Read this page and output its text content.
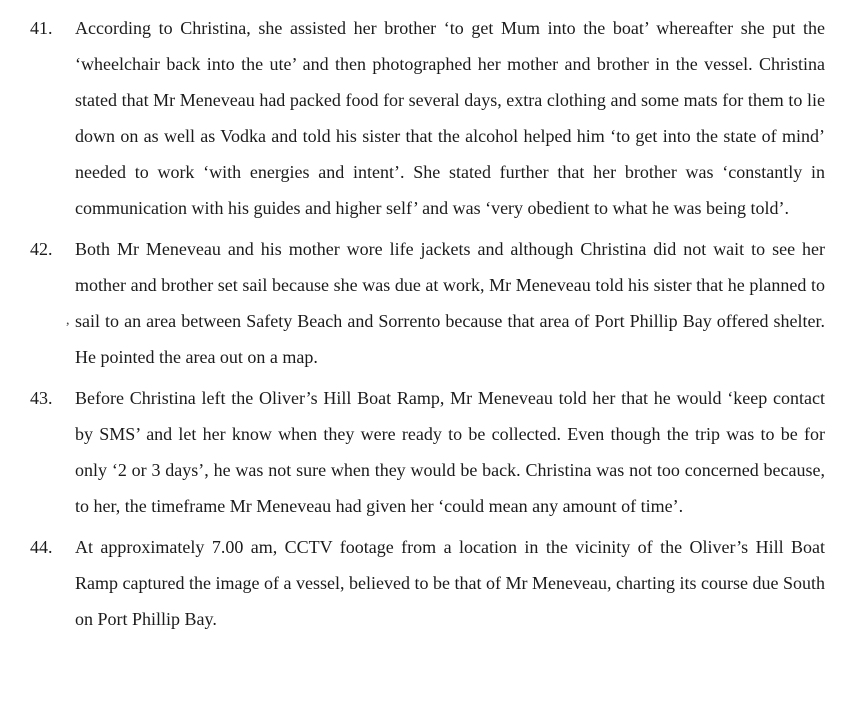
41.	According to Christina, she assisted her brother ‘to get Mum into the boat’ whereafter she put the ‘wheelchair back into the ute’ and then photographed her mother and brother in the vessel. Christina stated that Mr Meneveau had packed food for several days, extra clothing and some mats for them to lie down on as well as Vodka and told his sister that the alcohol helped him ‘to get into the state of mind’ needed to work ‘with energies and intent’. She stated further that her brother was ‘constantly in communication with his guides and higher self’ and was ‘very obedient to what he was being told’.
42.	Both Mr Meneveau and his mother wore life jackets and although Christina did not wait to see her mother and brother set sail because she was due at work, Mr Meneveau told his sister that he planned to sail to an area between Safety Beach and Sorrento because that area of Port Phillip Bay offered shelter. He pointed the area out on a map.
43.	Before Christina left the Oliver’s Hill Boat Ramp, Mr Meneveau told her that he would ‘keep contact by SMS’ and let her know when they were ready to be collected. Even though the trip was to be for only ‘2 or 3 days’, he was not sure when they would be back. Christina was not too concerned because, to her, the timeframe Mr Meneveau had given her ‘could mean any amount of time’.
44.	At approximately 7.00 am, CCTV footage from a location in the vicinity of the Oliver’s Hill Boat Ramp captured the image of a vessel, believed to be that of Mr Meneveau, charting its course due South on Port Phillip Bay.
,
